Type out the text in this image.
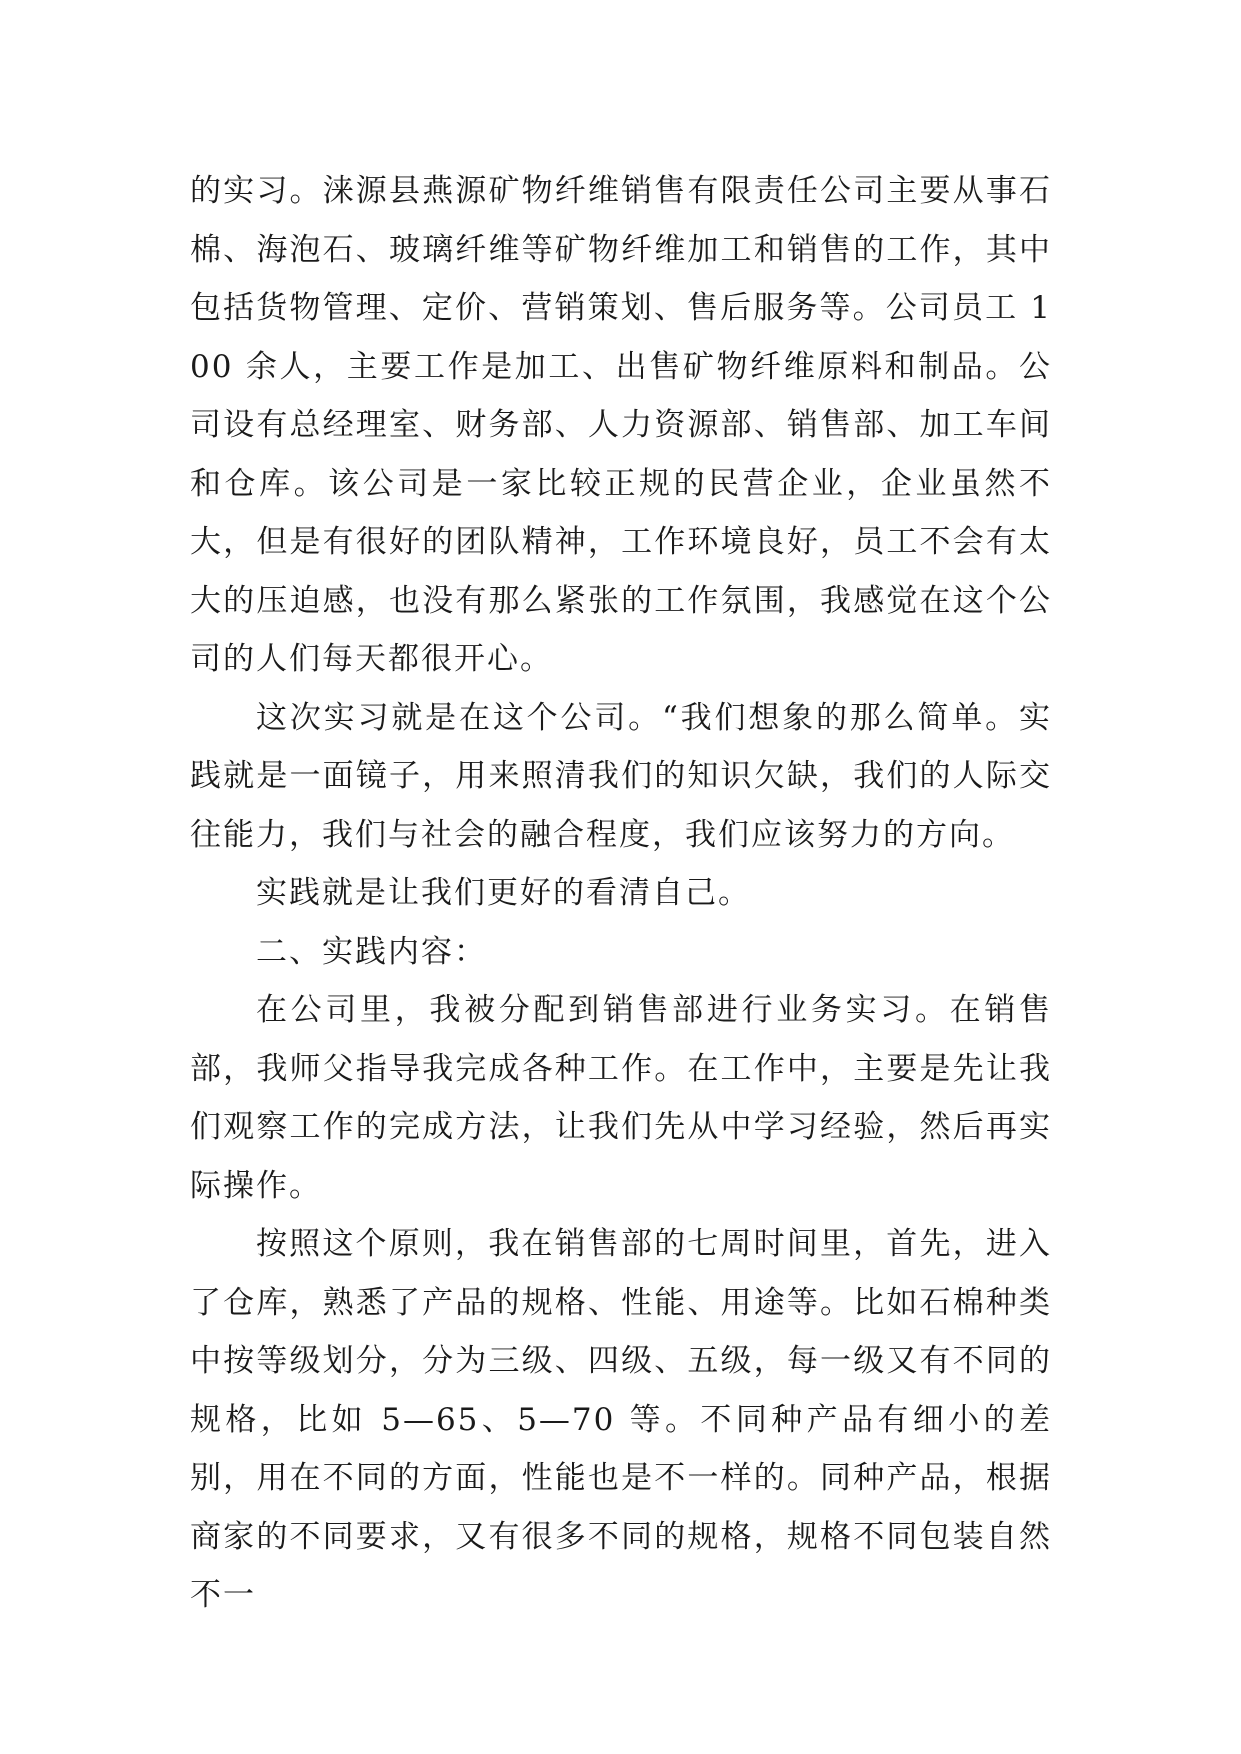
的实习。涞源县燕源矿物纤维销售有限责任公司主要从事石棉、海泡石、玻璃纤维等矿物纤维加工和销售的工作，其中包括货物管理、定价、营销策划、售后服务等。公司员工 100 余人，主要工作是加工、出售矿物纤维原料和制品。公司设有总经理室、财务部、人力资源部、销售部、加工车间和仓库。该公司是一家比较正规的民营企业，企业虽然不大，但是有很好的团队精神，工作环境良好，员工不会有太大的压迫感，也没有那么紧张的工作氛围，我感觉在这个公司的人们每天都很开心。

这次实习就是在这个公司。“我们想象的那么简单。实践就是一面镜子，用来照清我们的知识欠缺，我们的人际交往能力，我们与社会的融合程度，我们应该努力的方向。

实践就是让我们更好的看清自己。

二、实践内容：

在公司里，我被分配到销售部进行业务实习。在销售部，我师父指导我完成各种工作。在工作中，主要是先让我们观察工作的完成方法，让我们先从中学习经验，然后再实际操作。

按照这个原则，我在销售部的七周时间里，首先，进入了仓库，熟悉了产品的规格、性能、用途等。比如石棉种类中按等级划分，分为三级、四级、五级，每一级又有不同的规格，比如 5—65、5—70 等。不同种产品有细小的差别，用在不同的方面，性能也是不一样的。同种产品，根据商家的不同要求，又有很多不同的规格，规格不同包装自然不一
